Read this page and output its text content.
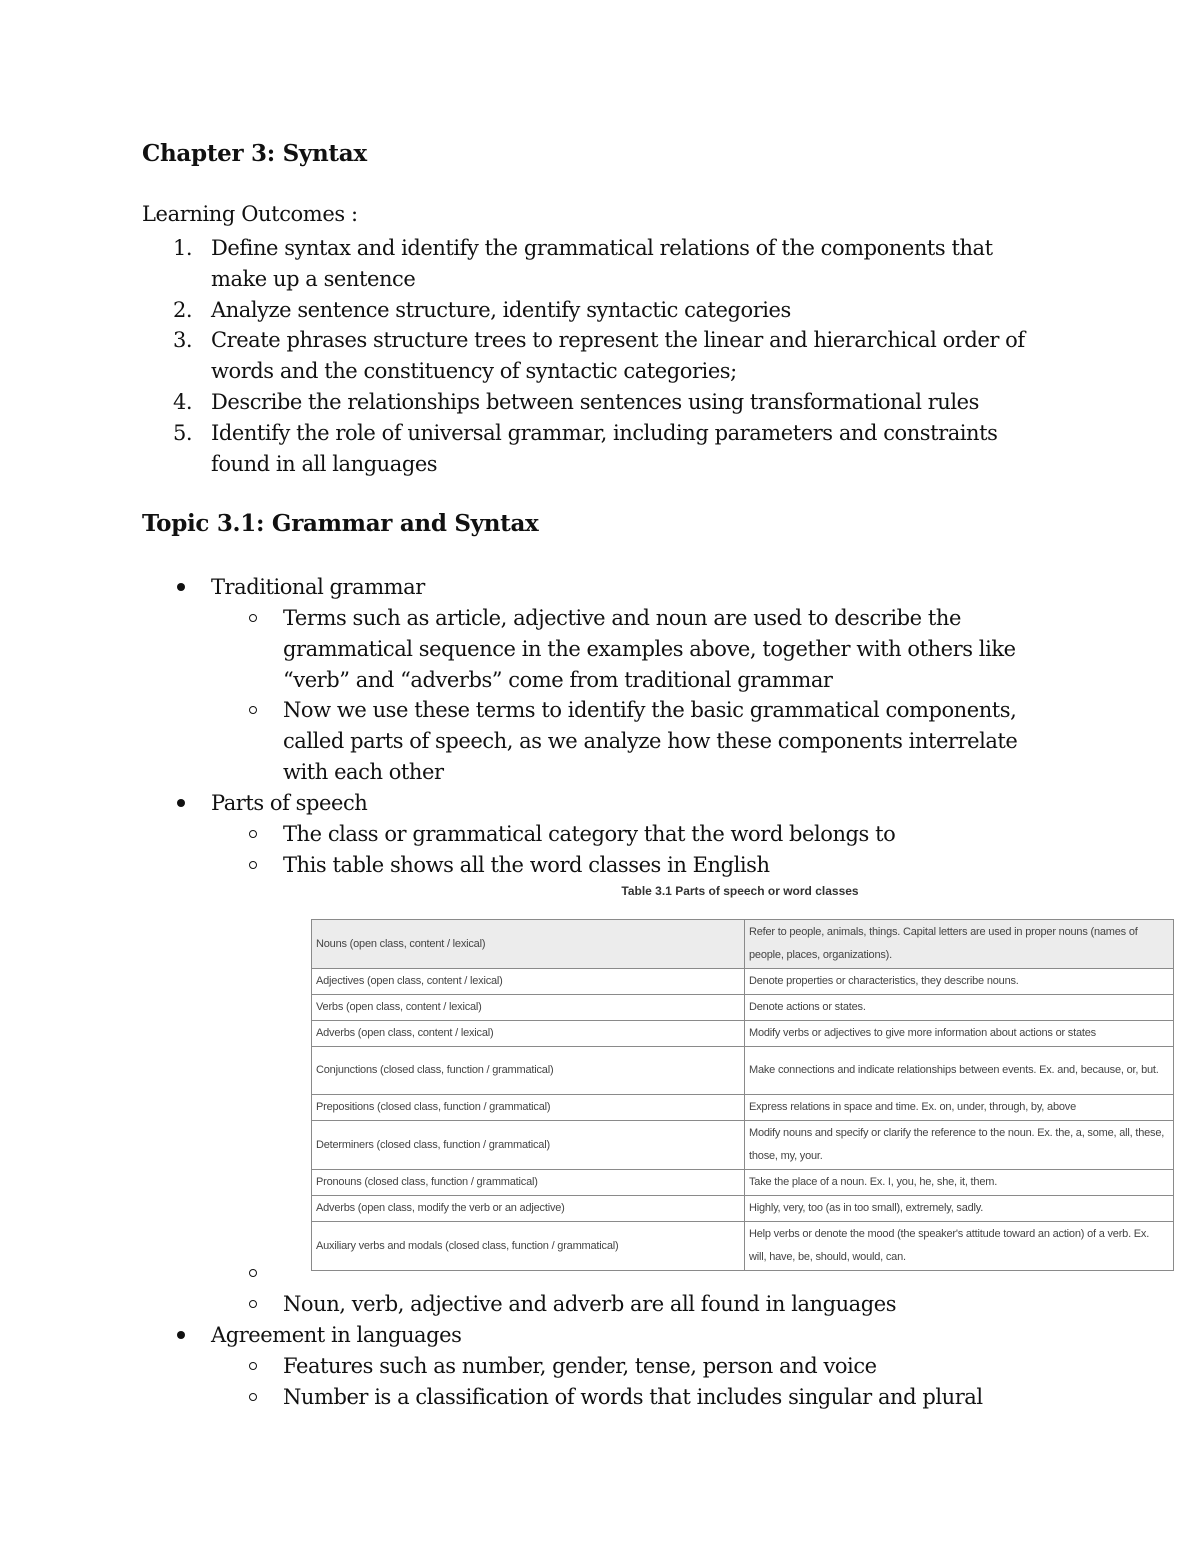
Chapter 3: Syntax
Learning Outcomes :
1. Define syntax and identify the grammatical relations of the components that make up a sentence
2. Analyze sentence structure, identify syntactic categories
3. Create phrases structure trees to represent the linear and hierarchical order of words and the constituency of syntactic categories;
4. Describe the relationships between sentences using transformational rules
5. Identify the role of universal grammar, including parameters and constraints found in all languages
Topic 3.1: Grammar and Syntax
Traditional grammar
Terms such as article, adjective and noun are used to describe the grammatical sequence in the examples above, together with others like “verb” and “adverbs” come from traditional grammar
Now we use these terms to identify the basic grammatical components, called parts of speech, as we analyze how these components interrelate with each other
Parts of speech
The class or grammatical category that the word belongs to
This table shows all the word classes in English
Table 3.1 Parts of speech or word classes
Nouns (open class, content / lexical)	Refer to people, animals, things. Capital letters are used in proper nouns (names of people, places, organizations).
Adjectives (open class, content / lexical)	Denote properties or characteristics, they describe nouns.
Verbs (open class, content / lexical)	Denote actions or states.
Adverbs (open class, content / lexical)	Modify verbs or adjectives to give more information about actions or states
Conjunctions (closed class, function / grammatical)	Make connections and indicate relationships between events. Ex. and, because, or, but.
Prepositions (closed class, function / grammatical)	Express relations in space and time. Ex. on, under, through, by, above
Determiners (closed class, function / grammatical)	Modify nouns and specify or clarify the reference to the noun. Ex. the, a, some, all, these, those, my, your.
Pronouns (closed class, function / grammatical)	Take the place of a noun. Ex. I, you, he, she, it, them.
Adverbs (open class, modify the verb or an adjective)	Highly, very, too (as in too small), extremely, sadly.
Auxiliary verbs and modals (closed class, function / grammatical)	Help verbs or denote the mood (the speaker's attitude toward an action) of a verb. Ex. will, have, be, should, would, can.
Noun, verb, adjective and adverb are all found in languages
Agreement in languages
Features such as number, gender, tense, person and voice
Number is a classification of words that includes singular and plural
